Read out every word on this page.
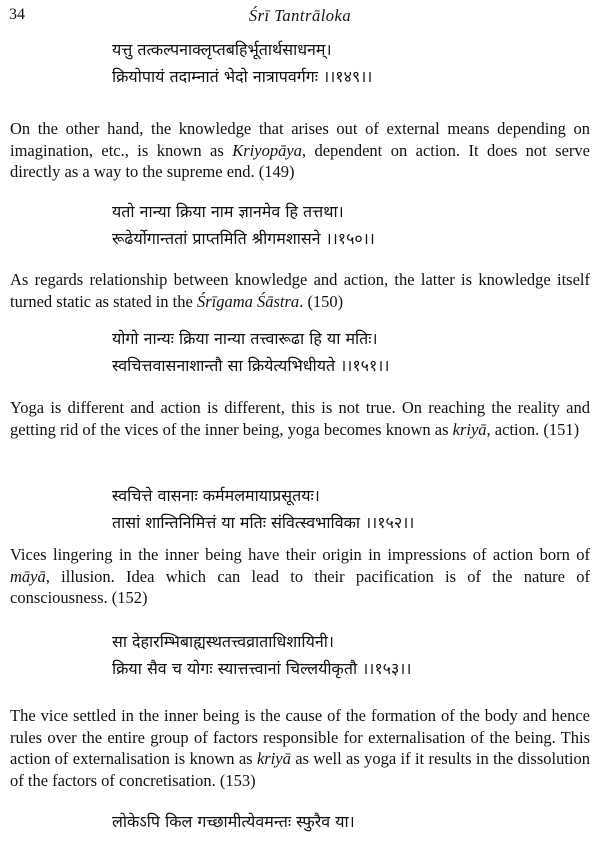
34	Śrī Tantrāloka
यत्तु तत्कल्पनाक्लृप्तबहिर्भूतार्थसाधनम्।
क्रियोपायं तदाम्नातं भेदो नात्रापवर्गगः ।।१४९।।

On the other hand, the knowledge that arises out of external means depending on imagination, etc., is known as Kriyopāya, dependent on action. It does not serve directly as a way to the supreme end. (149)

यतो नान्या क्रिया नाम ज्ञानमेव हि तत्तथा।
रूढेर्योगान्ततां प्राप्तमिति श्रीगमशासने ।।१५०।।

As regards relationship between knowledge and action, the latter is knowledge itself turned static as stated in the Śrīgama Śāstra. (150)

योगो नान्यः क्रिया नान्या तत्त्वारूढा हि या मतिः।
स्वचित्तवासनाशान्तौ सा क्रियेत्यभिधीयते ।।१५१।।

Yoga is different and action is different, this is not true. On reaching the reality and getting rid of the vices of the inner being, yoga becomes known as kriyā, action. (151)

स्वचित्ते वासनाः कर्ममलमायाप्रसूतयः।
तासां शान्तिनिमित्तं या मतिः संवित्स्वभाविका ।।१५२।।

Vices lingering in the inner being have their origin in impressions of action born of māyā, illusion. Idea which can lead to their pacification is of the nature of consciousness. (152)

सा देहारम्भिबाह्यस्थतत्त्वव्राताधिशायिनी।
क्रिया सैव च योगः स्यात्तत्त्वानां चिल्लयीकृतौ ।।१५३।।

The vice settled in the inner being is the cause of the formation of the body and hence rules over the entire group of factors responsible for externalisation of the being. This action of externalisation is known as kriyā as well as yoga if it results in the dissolution of the factors of concretisation. (153)

लोकेऽपि किल गच्छामीत्येवमन्तः स्फुरैव या।
